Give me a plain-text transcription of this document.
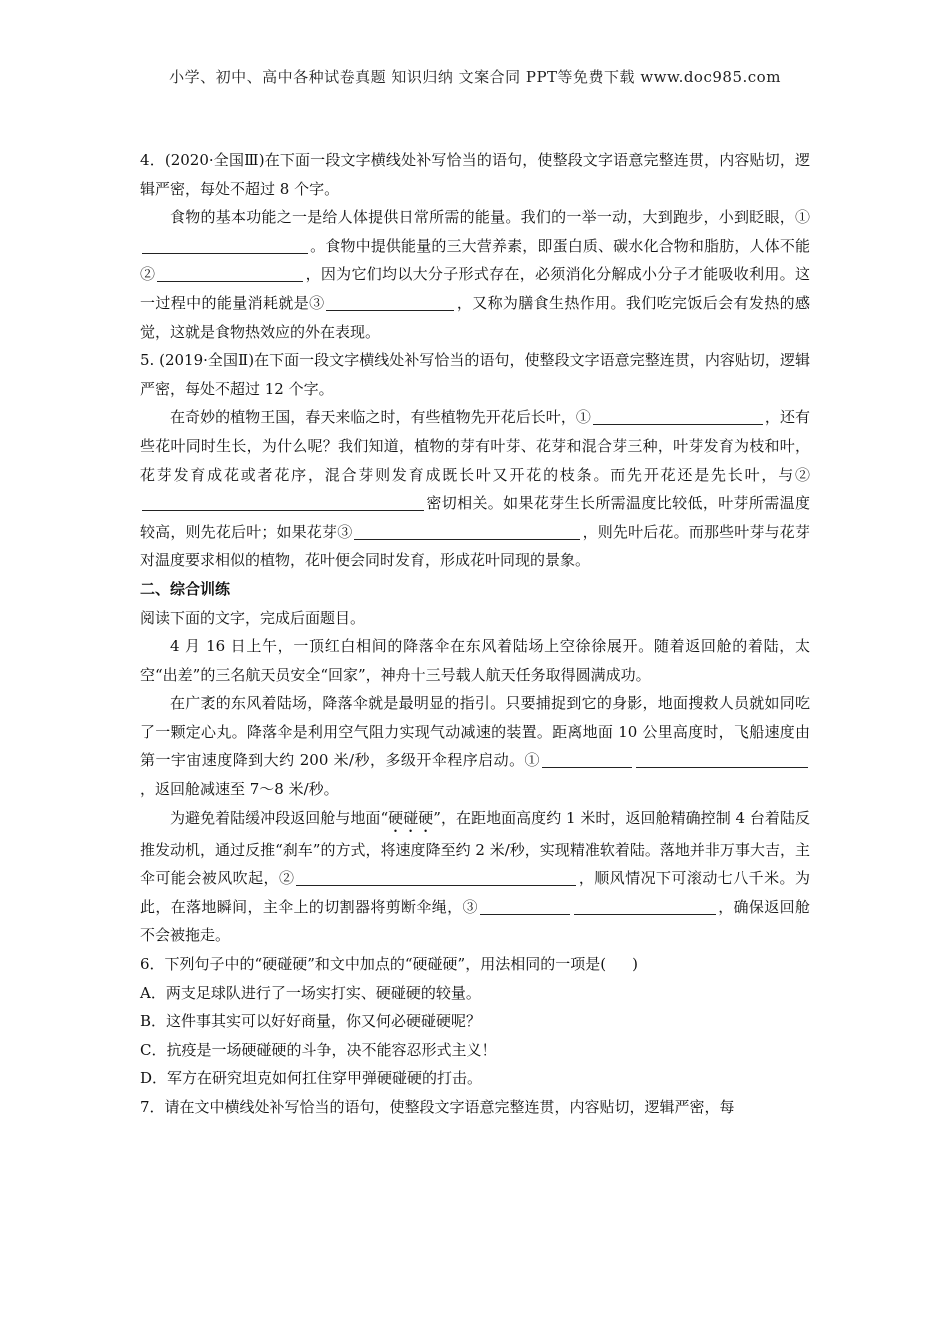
小学、初中、高中各种试卷真题 知识归纳 文案合同 PPT等免费下载 www.doc985.com

4．(2020·全国Ⅲ)在下面一段文字横线处补写恰当的语句，使整段文字语意完整连贯，内容贴切，逻辑严密，每处不超过 8 个字。

食物的基本功能之一是给人体提供日常所需的能量。我们的一举一动，大到跑步，小到眨眼，①。食物中提供能量的三大营养素，即蛋白质、碳水化合物和脂肪，人体不能②	，因为它们均以大分子形式存在，必须消化分解成小分子才能吸收利用。这一过程中的能量消耗就是③	，又称为膳食生热作用。我们吃完饭后会有发热的感觉，这就是食物热效应的外在表现。

5. (2019·全国Ⅱ)在下面一段文字横线处补写恰当的语句，使整段文字语意完整连贯，内容贴切，逻辑严密，每处不超过 12 个字。

在奇妙的植物王国，春天来临之时，有些植物先开花后长叶，①	，还有些花叶同时生长，为什么呢？我们知道，植物的芽有叶芽、花芽和混合芽三种，叶芽发育为枝和叶，花芽发育成花或者花序，混合芽则发育成既长叶又开花的枝条。而先开花还是先长叶，与②密切相关。如果花芽生长所需温度比较低，叶芽所需温度较高，则先花后叶；如果花芽③	，则先叶后花。而那些叶芽与花芽对温度要求相似的植物，花叶便会同时发育，形成花叶同现的景象。

二、综合训练

阅读下面的文字，完成后面题目。

4 月 16 日上午，一顶红白相间的降落伞在东风着陆场上空徐徐展开。随着返回舱的着陆，太空“出差”的三名航天员安全“回家”，神舟十三号载人航天任务取得圆满成功。

在广袤的东风着陆场，降落伞就是最明显的指引。只要捕捉到它的身影，地面搜救人员就如同吃了一颗定心丸。降落伞是利用空气阻力实现气动减速的装置。距离地面 10 公里高度时，飞船速度由第一宇宙速度降到大约 200 米/秒，多级开伞程序启动。①，返回舱减速至 7～8 米/秒。

为避免着陆缓冲段返回舱与地面“硬碰硬”，在距地面高度约 1 米时，返回舱精确控制 4 台着陆反推发动机，通过反推“刹车”的方式，将速度降至约 2 米/秒，实现精准软着陆。落地并非万事大吉，主伞可能会被风吹起，②	，顺风情况下可滚动七八千米。为此，在落地瞬间，主伞上的切割器将剪断伞绳，③	，确保返回舱不会被拖走。

6．下列句子中的“硬碰硬”和文中加点的“硬碰硬”，用法相同的一项是( )

A．两支足球队进行了一场实打实、硬碰硬的较量。

B．这件事其实可以好好商量，你又何必硬碰硬呢？

C．抗疫是一场硬碰硬的斗争，决不能容忍形式主义！

D．军方在研究坦克如何扛住穿甲弹硬碰硬的打击。

7．请在文中横线处补写恰当的语句，使整段文字语意完整连贯，内容贴切，逻辑严密，每
